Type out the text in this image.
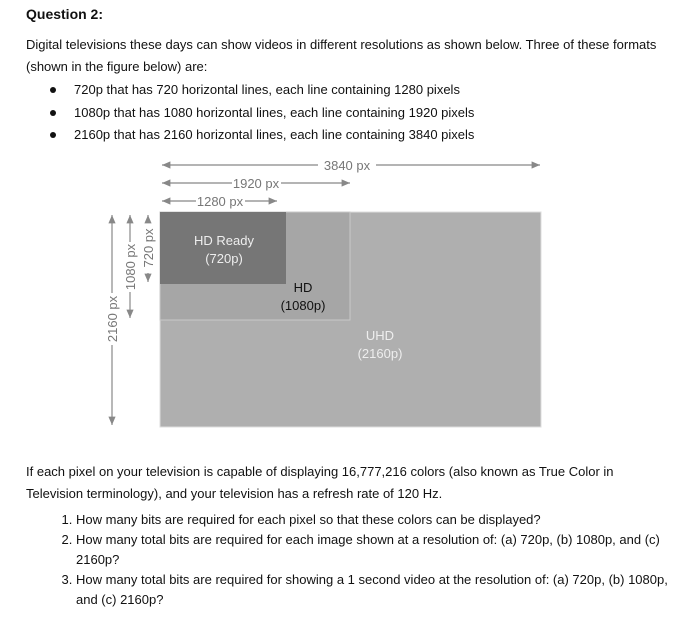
Question 2:
Digital televisions these days can show videos in different resolutions as shown below. Three of these formats (shown in the figure below) are:
720p that has 720 horizontal lines, each line containing 1280 pixels
1080p that has 1080 horizontal lines, each line containing 1920 pixels
2160p that has 2160 horizontal lines, each line containing 3840 pixels
HD Ready
(720p)
HD
(1080p)
UHD
(2160p)
3840 px
1920 px
1280 px
2160 px
1080 px 720 px
If each pixel on your television is capable of displaying 16,777,216 colors (also known as True Color in Television terminology), and your television has a refresh rate of 120 Hz.
1. How many bits are required for each pixel so that these colors can be displayed?
2. How many total bits are required for each image shown at a resolution of: (a) 720p, (b) 1080p, and (c) 2160p?
3. How many total bits are required for showing a 1 second video at the resolution of: (a) 720p, (b) 1080p, and (c) 2160p?
